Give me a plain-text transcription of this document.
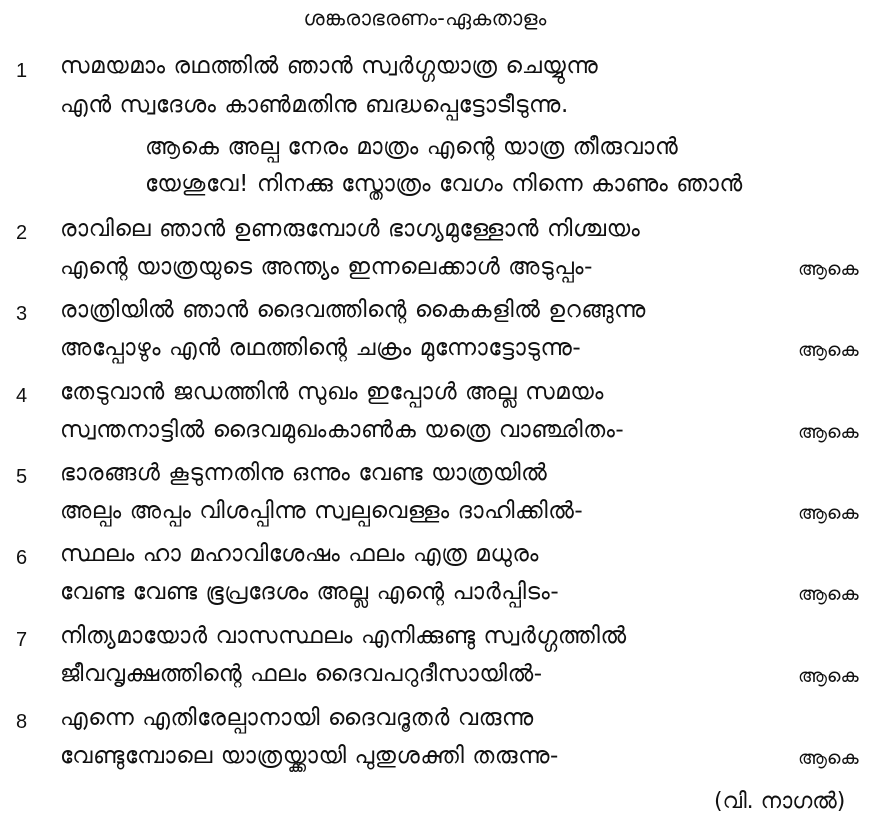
ശങ്കരാഭരണം-ഏകതാളം
1 സമയമാം രഥത്തിൽ ഞാൻ സ്വർഗ്ഗയാത്ര ചെയ്യുന്നു
എൻ സ്വദേശം കാൺമതിനു ബദ്ധപ്പെട്ടോടീടുന്നു.
ആകെ അല്പ നേരം മാത്രം എന്റെ യാത്ര തീരുവാൻ
യേശുവേ! നിനക്കു സ്തോത്രം വേഗം നിന്നെ കാണും ഞാൻ
2 രാവിലെ ഞാൻ ഉണരുമ്പോൾ ഭാഗ്യമുള്ളോൻ നിശ്ചയം
എന്റെ യാത്രയുടെ അന്ത്യം ഇന്നലെക്കാൾ അടുപ്പം-	ആകെ
3 രാത്രിയിൽ ഞാൻ ദൈവത്തിന്റെ കൈകളിൽ ഉറങ്ങുന്നു
അപ്പോഴും എൻ രഥത്തിന്റെ ചക്രം മുന്നോട്ടോടുന്നു-	ആകെ
4 തേടുവാൻ ജഡത്തിൻ സുഖം ഇപ്പോൾ അല്ല സമയം
സ്വന്തനാട്ടിൽ ദൈവമുഖംകാൺക യത്രെ വാഞ്ഛിതം-	ആകെ
5 ഭാരങ്ങൾ കൂടുന്നതിനു ഒന്നും വേണ്ട യാത്രയിൽ
അല്പം അപ്പം വിശപ്പിന്നു സ്വല്പവെള്ളം ദാഹിക്കിൽ-	ആകെ
6 സ്ഥലം ഹാ മഹാവിശേഷം ഫലം എത്ര മധുരം
വേണ്ട വേണ്ട ഭൂപ്രദേശം അല്ല എന്റെ പാർപ്പിടം-	ആകെ
7 നിത്യമായോർ വാസസ്ഥലം എനിക്കുണ്ടു സ്വർഗ്ഗത്തിൽ
ജീവവൃക്ഷത്തിന്റെ ഫലം ദൈവപറുദീസായിൽ-	ആകെ
8 എന്നെ എതിരേല്പാനായി ദൈവദൂതർ വരുന്നു
വേണ്ടുമ്പോലെ യാത്രയ്ക്കായി പുതുശക്തി തരുന്നു-	ആകെ
(വി. നാഗൽ)
